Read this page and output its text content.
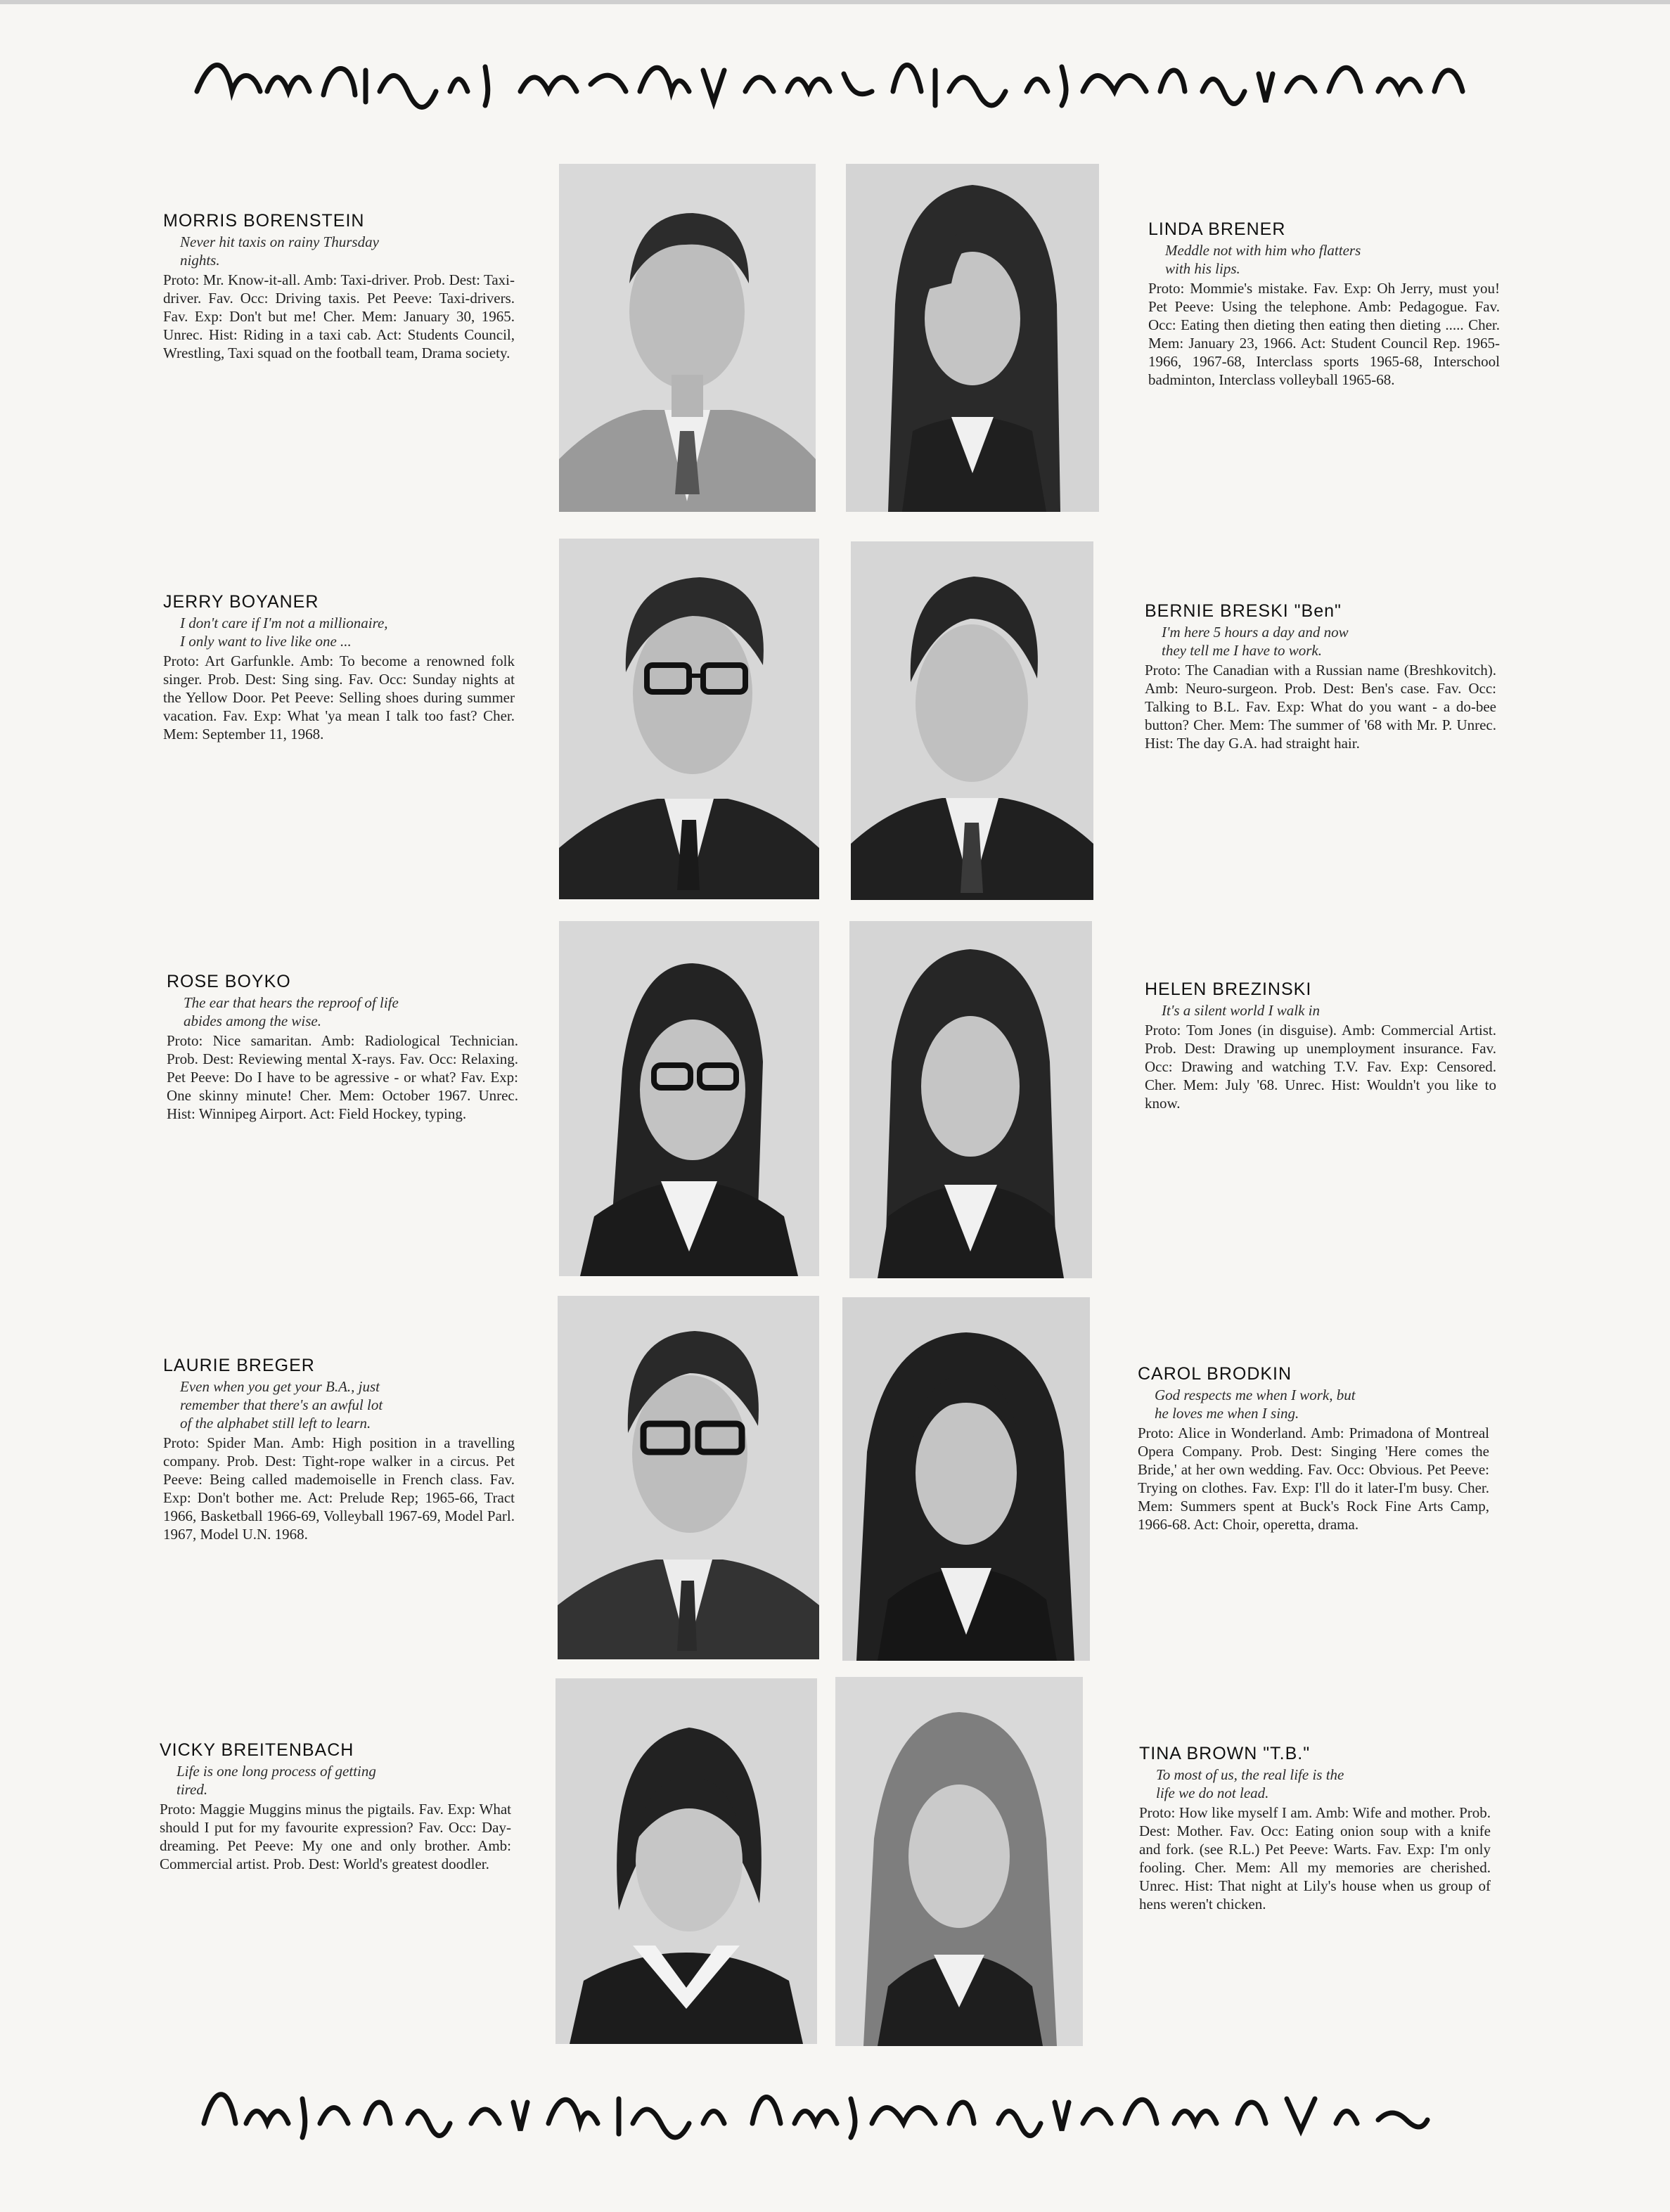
MORRIS BORENSTEIN
Never hit taxis on rainy Thursday
nights.
Proto: Mr. Know-it-all. Amb: Taxi-driver. Prob. Dest: Taxi-driver. Fav. Occ: Driving taxis. Pet Peeve: Taxi-drivers. Fav. Exp: Don't but me! Cher. Mem: January 30, 1965. Unrec. Hist: Riding in a taxi cab. Act: Students Council, Wrestling, Taxi squad on the football team, Drama society.
LINDA BRENER
Meddle not with him who flatters
with his lips.
Proto: Mommie's mistake. Fav. Exp: Oh Jerry, must you! Pet Peeve: Using the telephone. Amb: Pedagogue. Fav. Occ: Eating then dieting then eating then dieting ..... Cher. Mem: January 23, 1966. Act: Student Council Rep. 1965-1966, 1967-68, Interclass sports 1965-68, Interschool badminton, Interclass volleyball 1965-68.
JERRY BOYANER
I don't care if I'm not a millionaire,
I only want to live like one ...
Proto: Art Garfunkle. Amb: To become a renowned folk singer. Prob. Dest: Sing sing. Fav. Occ: Sunday nights at the Yellow Door. Pet Peeve: Selling shoes during summer vacation. Fav. Exp: What 'ya mean I talk too fast? Cher. Mem: September 11, 1968.
BERNIE BRESKI "Ben"
I'm here 5 hours a day and now
they tell me I have to work.
Proto: The Canadian with a Russian name (Breshkovitch). Amb: Neuro-surgeon. Prob. Dest: Ben's case. Fav. Occ: Talking to B.L. Fav. Exp: What do you want - a do-bee button? Cher. Mem: The summer of '68 with Mr. P. Unrec. Hist: The day G.A. had straight hair.
ROSE BOYKO
The ear that hears the reproof of life
abides among the wise.
Proto: Nice samaritan. Amb: Radiological Technician. Prob. Dest: Reviewing mental X-rays. Fav. Occ: Relaxing. Pet Peeve: Do I have to be agressive - or what? Fav. Exp: One skinny minute! Cher. Mem: October 1967. Unrec. Hist: Winnipeg Airport. Act: Field Hockey, typing.
HELEN BREZINSKI
It's a silent world I walk in
Proto: Tom Jones (in disguise). Amb: Commercial Artist. Prob. Dest: Drawing up unemployment insurance. Fav. Occ: Drawing and watching T.V. Fav. Exp: Censored. Cher. Mem: July '68. Unrec. Hist: Wouldn't you like to know.
LAURIE BREGER
Even when you get your B.A., just
remember that there's an awful lot
of the alphabet still left to learn.
Proto: Spider Man. Amb: High position in a travelling company. Prob. Dest: Tight-rope walker in a circus. Pet Peeve: Being called mademoiselle in French class. Fav. Exp: Don't bother me. Act: Prelude Rep; 1965-66, Tract 1966, Basketball 1966-69, Volleyball 1967-69, Model Parl. 1967, Model U.N. 1968.
CAROL BRODKIN
God respects me when I work, but
he loves me when I sing.
Proto: Alice in Wonderland. Amb: Primadona of Montreal Opera Company. Prob. Dest: Singing 'Here comes the Bride,' at her own wedding. Fav. Occ: Obvious. Pet Peeve: Trying on clothes. Fav. Exp: I'll do it later-I'm busy. Cher. Mem: Summers spent at Buck's Rock Fine Arts Camp, 1966-68. Act: Choir, operetta, drama.
VICKY BREITENBACH
Life is one long process of getting
tired.
Proto: Maggie Muggins minus the pigtails. Fav. Exp: What should I put for my favourite expression? Fav. Occ: Day-dreaming. Pet Peeve: My one and only brother. Amb: Commercial artist. Prob. Dest: World's greatest doodler.
TINA BROWN "T.B."
To most of us, the real life is the
life we do not lead.
Proto: How like myself I am. Amb: Wife and mother. Prob. Dest: Mother. Fav. Occ: Eating onion soup with a knife and fork. (see R.L.) Pet Peeve: Warts. Fav. Exp: I'm only fooling. Cher. Mem: All my memories are cherished. Unrec. Hist: That night at Lily's house when us group of hens weren't chicken.
